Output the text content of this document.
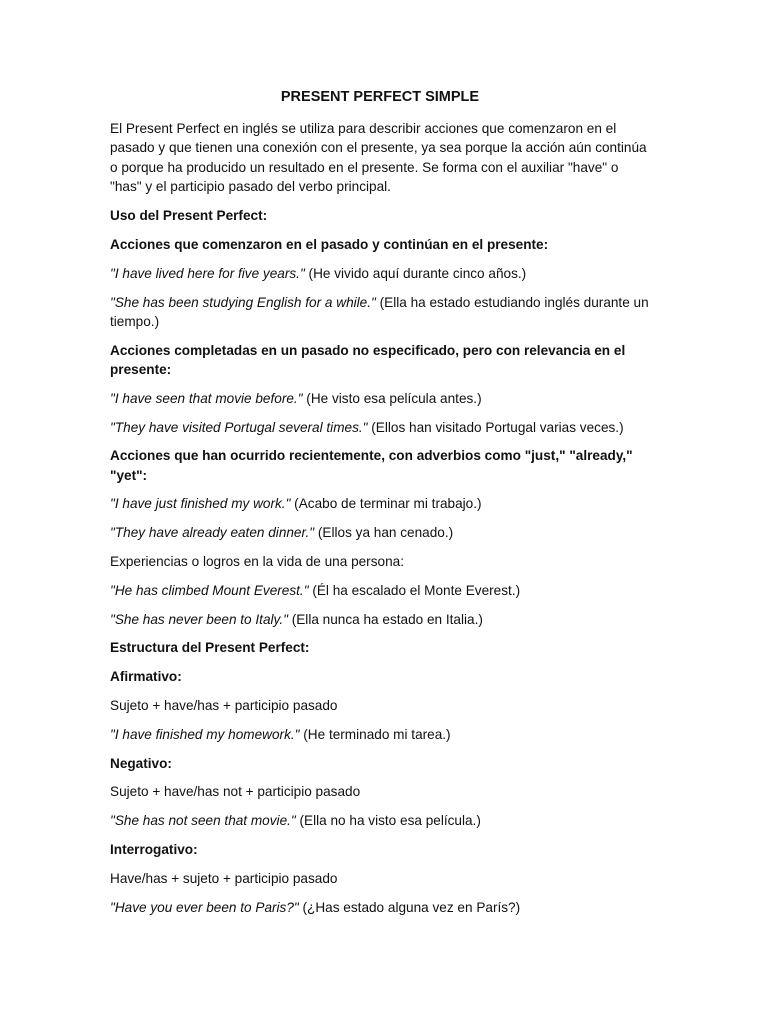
PRESENT PERFECT SIMPLE

El Present Perfect en inglés se utiliza para describir acciones que comenzaron en el pasado y que tienen una conexión con el presente, ya sea porque la acción aún continúa o porque ha producido un resultado en el presente. Se forma con el auxiliar "have" o "has" y el participio pasado del verbo principal.

Uso del Present Perfect:

Acciones que comenzaron en el pasado y continúan en el presente:

"I have lived here for five years." (He vivido aquí durante cinco años.)

"She has been studying English for a while." (Ella ha estado estudiando inglés durante un tiempo.)

Acciones completadas en un pasado no especificado, pero con relevancia en el presente:

"I have seen that movie before." (He visto esa película antes.)

"They have visited Portugal several times." (Ellos han visitado Portugal varias veces.)

Acciones que han ocurrido recientemente, con adverbios como "just," "already," "yet":

"I have just finished my work." (Acabo de terminar mi trabajo.)

"They have already eaten dinner." (Ellos ya han cenado.)

Experiencias o logros en la vida de una persona:

"He has climbed Mount Everest." (Él ha escalado el Monte Everest.)

"She has never been to Italy." (Ella nunca ha estado en Italia.)

Estructura del Present Perfect:

Afirmativo:

Sujeto + have/has + participio pasado

"I have finished my homework." (He terminado mi tarea.)

Negativo:

Sujeto + have/has not + participio pasado

"She has not seen that movie." (Ella no ha visto esa película.)

Interrogativo:

Have/has + sujeto + participio pasado

"Have you ever been to Paris?" (¿Has estado alguna vez en París?)
